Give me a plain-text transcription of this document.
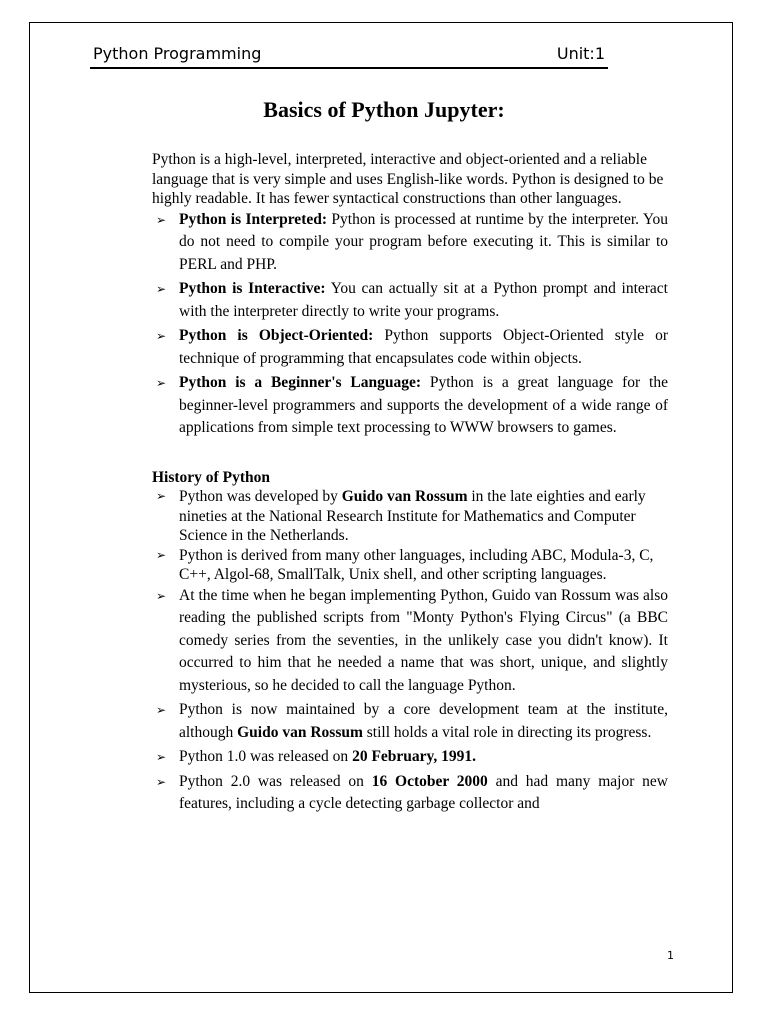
Python Programming	Unit:1
Basics of Python Jupyter:

Python is a high-level, interpreted, interactive and object-oriented and a reliable language that is very simple and uses English-like words. Python is designed to be highly readable. It has fewer syntactical constructions than other languages.

➢ Python is Interpreted: Python is processed at runtime by the interpreter. You do not need to compile your program before executing it. This is similar to PERL and PHP.
➢ Python is Interactive: You can actually sit at a Python prompt and interact with the interpreter directly to write your programs.
➢ Python is Object-Oriented: Python supports Object-Oriented style or technique of programming that encapsulates code within objects.
➢ Python is a Beginner's Language: Python is a great language for the beginner-level programmers and supports the development of a wide range of applications from simple text processing to WWW browsers to games.
History of Python
➢ Python was developed by Guido van Rossum in the late eighties and early nineties at the National Research Institute for Mathematics and Computer Science in the Netherlands.
➢ Python is derived from many other languages, including ABC, Modula-3, C, C++, Algol-68, SmallTalk, Unix shell, and other scripting languages.
➢ At the time when he began implementing Python, Guido van Rossum was also reading the published scripts from "Monty Python's Flying Circus" (a BBC comedy series from the seventies, in the unlikely case you didn't know). It occurred to him that he needed a name that was short, unique, and slightly mysterious, so he decided to call the language Python.
➢ Python is now maintained by a core development team at the institute, although Guido van Rossum still holds a vital role in directing its progress.
➢ Python 1.0 was released on 20 February, 1991.
➢ Python 2.0 was released on 16 October 2000 and had many major new features, including a cycle detecting garbage collector and
1
